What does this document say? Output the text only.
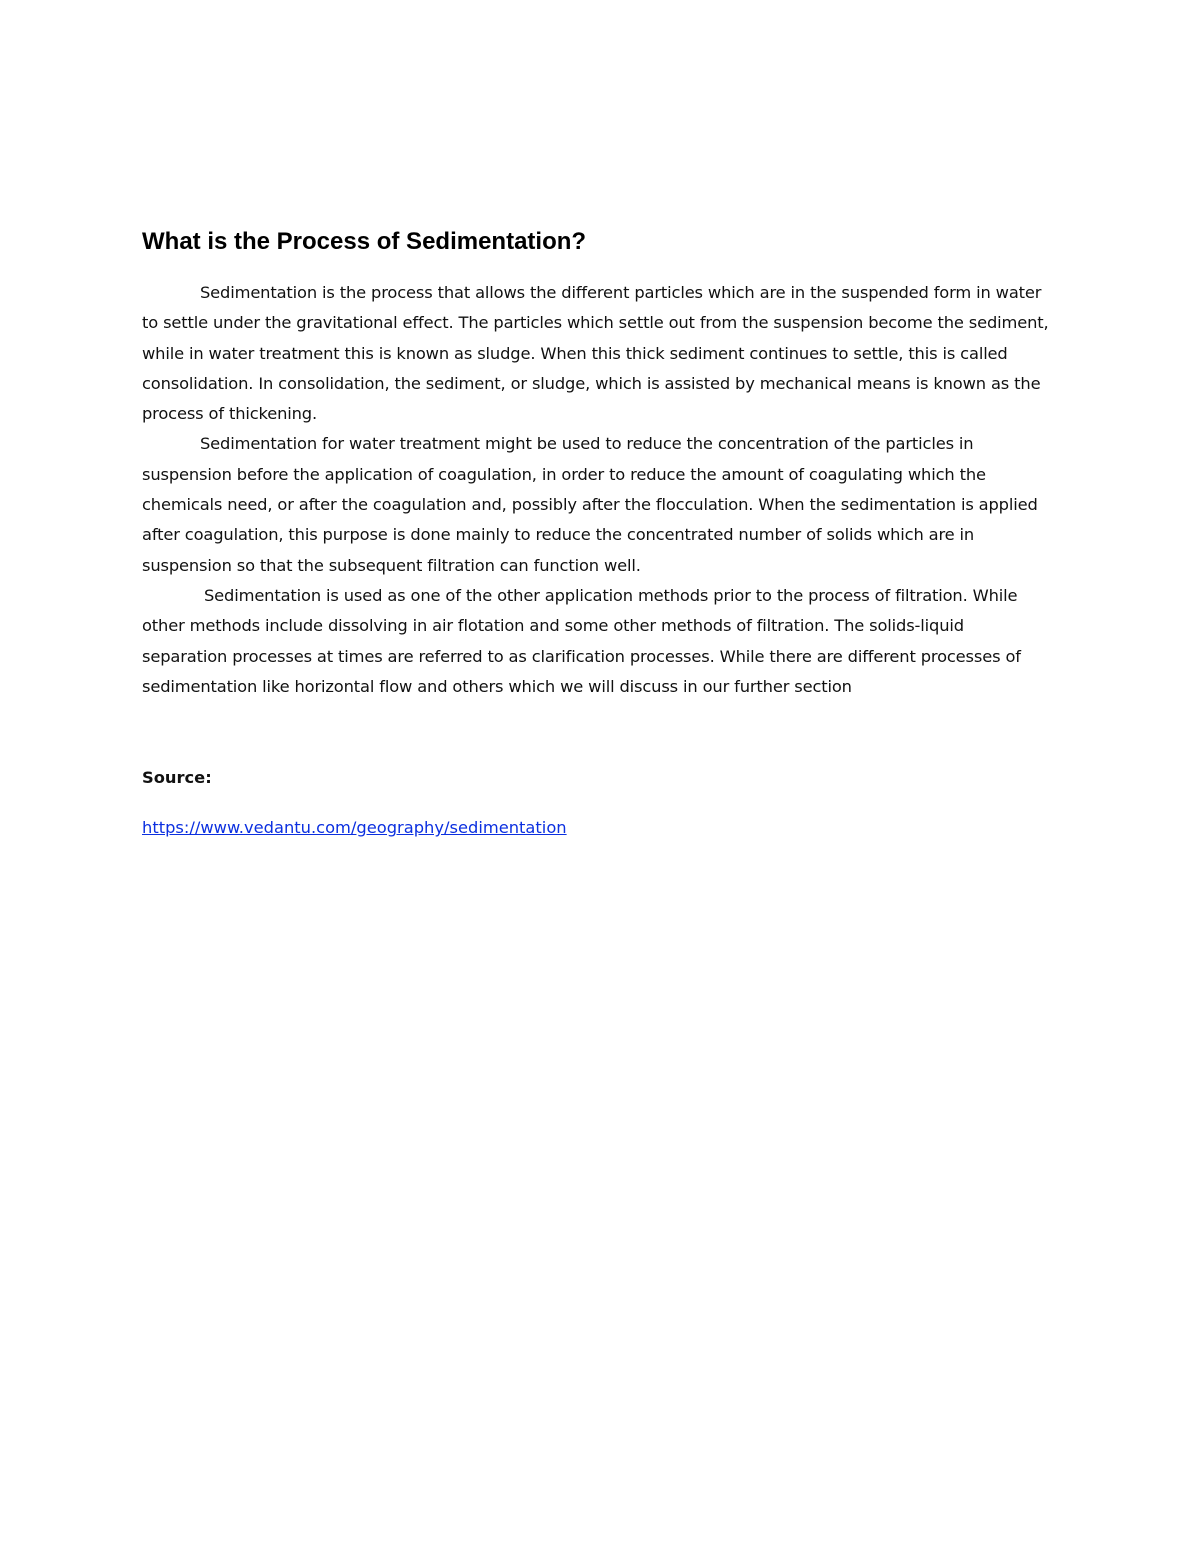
What is the Process of Sedimentation?

Sedimentation is the process that allows the different particles which are in the suspended form in water to settle under the gravitational effect. The particles which settle out from the suspension become the sediment, while in water treatment this is known as sludge. When this thick sediment continues to settle, this is called consolidation. In consolidation, the sediment, or sludge, which is assisted by mechanical means is known as the process of thickening.

Sedimentation for water treatment might be used to reduce the concentration of the particles in suspension before the application of coagulation, in order to reduce the amount of coagulating which the chemicals need, or after the coagulation and, possibly after the flocculation. When the sedimentation is applied after coagulation, this purpose is done mainly to reduce the concentrated number of solids which are in suspension so that the subsequent filtration can function well.

Sedimentation is used as one of the other application methods prior to the process of filtration. While other methods include dissolving in air flotation and some other methods of filtration. The solids-liquid separation processes at times are referred to as clarification processes. While there are different processes of sedimentation like horizontal flow and others which we will discuss in our further section

Source:

https://www.vedantu.com/geography/sedimentation
